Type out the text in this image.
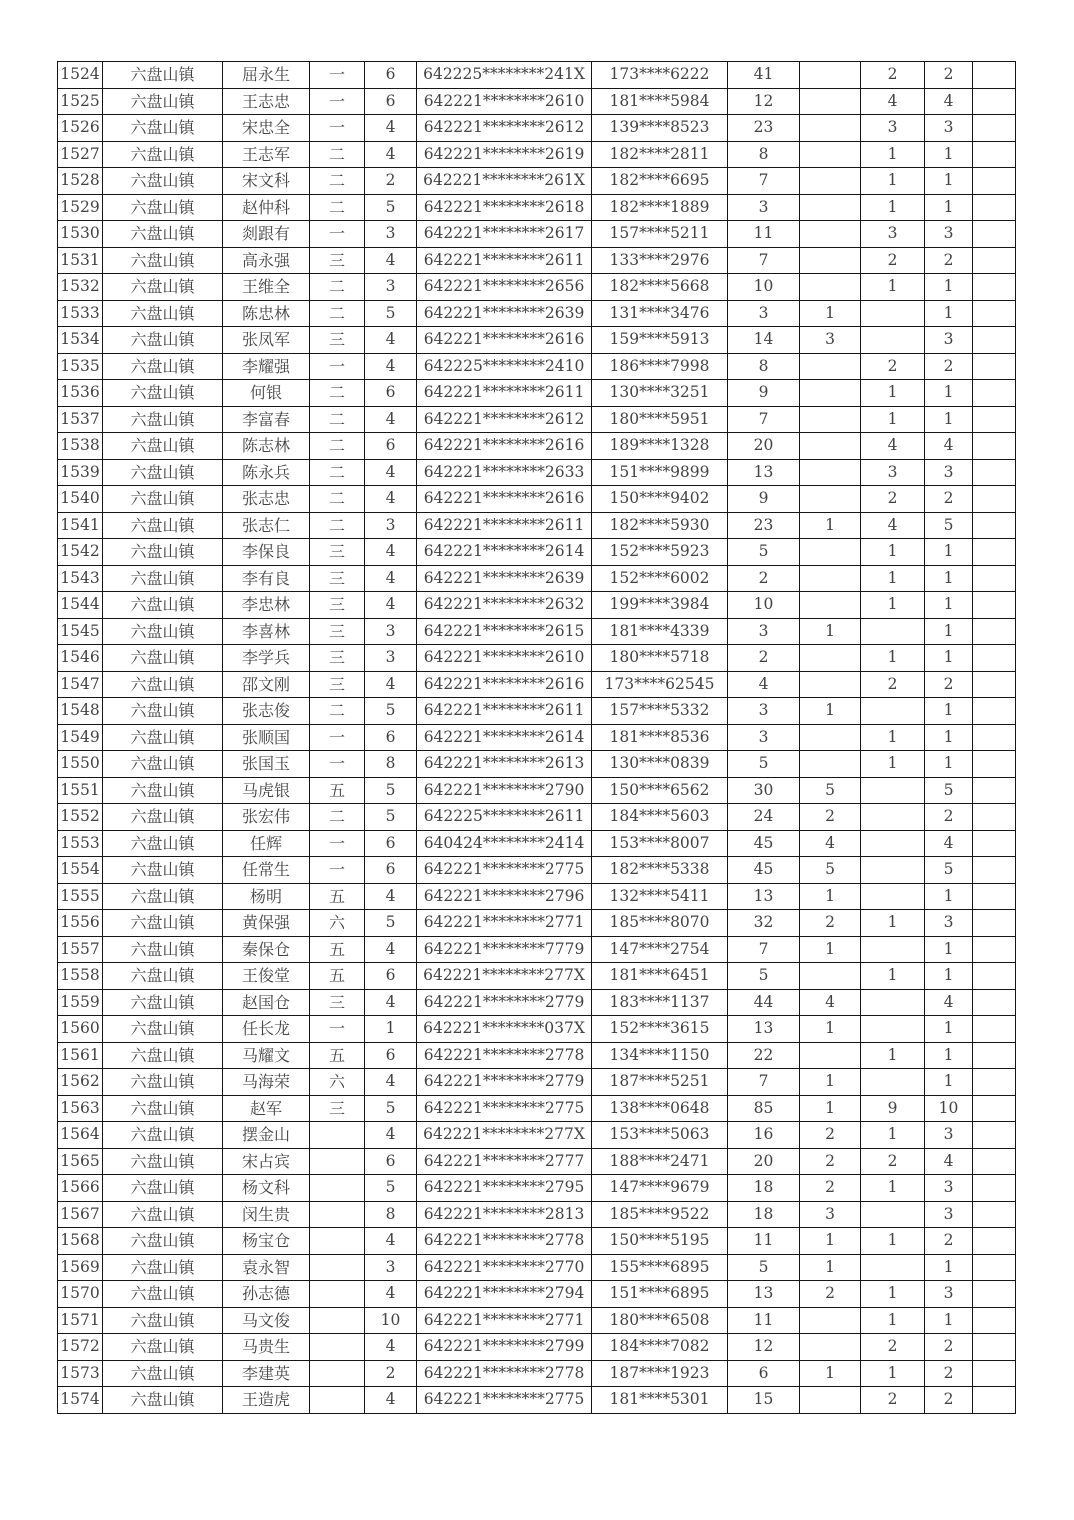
1524	六盘山镇	屈永生	一	6	642225********241X	173****6222	41		2	2	
1525	六盘山镇	王志忠	一	6	642221********2610	181****5984	12		4	4	
1526	六盘山镇	宋忠全	一	4	642221********2612	139****8523	23		3	3	
1527	六盘山镇	王志军	二	4	642221********2619	182****2811	8		1	1	
1528	六盘山镇	宋文科	二	2	642221********261X	182****6695	7		1	1	
1529	六盘山镇	赵仲科	二	5	642221********2618	182****1889	3		1	1	
1530	六盘山镇	剡跟有	一	3	642221********2617	157****5211	11		3	3	
1531	六盘山镇	高永强	三	4	642221********2611	133****2976	7		2	2	
1532	六盘山镇	王维全	二	3	642221********2656	182****5668	10		1	1	
1533	六盘山镇	陈忠林	二	5	642221********2639	131****3476	3	1		1	
1534	六盘山镇	张凤军	三	4	642221********2616	159****5913	14	3		3	
1535	六盘山镇	李耀强	一	4	642225********2410	186****7998	8		2	2	
1536	六盘山镇	何银	二	6	642221********2611	130****3251	9		1	1	
1537	六盘山镇	李富春	二	4	642221********2612	180****5951	7		1	1	
1538	六盘山镇	陈志林	二	6	642221********2616	189****1328	20		4	4	
1539	六盘山镇	陈永兵	二	4	642221********2633	151****9899	13		3	3	
1540	六盘山镇	张志忠	二	4	642221********2616	150****9402	9		2	2	
1541	六盘山镇	张志仁	二	3	642221********2611	182****5930	23	1	4	5	
1542	六盘山镇	李保良	三	4	642221********2614	152****5923	5		1	1	
1543	六盘山镇	李有良	三	4	642221********2639	152****6002	2		1	1	
1544	六盘山镇	李忠林	三	4	642221********2632	199****3984	10		1	1	
1545	六盘山镇	李喜林	三	3	642221********2615	181****4339	3	1		1	
1546	六盘山镇	李学兵	三	3	642221********2610	180****5718	2		1	1	
1547	六盘山镇	邵文刚	三	4	642221********2616	173****62545	4		2	2	
1548	六盘山镇	张志俊	二	5	642221********2611	157****5332	3	1		1	
1549	六盘山镇	张顺国	一	6	642221********2614	181****8536	3		1	1	
1550	六盘山镇	张国玉	一	8	642221********2613	130****0839	5		1	1	
1551	六盘山镇	马虎银	五	5	642221********2790	150****6562	30	5		5	
1552	六盘山镇	张宏伟	二	5	642225********2611	184****5603	24	2		2	
1553	六盘山镇	任辉	一	6	640424********2414	153****8007	45	4		4	
1554	六盘山镇	任常生	一	6	642221********2775	182****5338	45	5		5	
1555	六盘山镇	杨明	五	4	642221********2796	132****5411	13	1		1	
1556	六盘山镇	黄保强	六	5	642221********2771	185****8070	32	2	1	3	
1557	六盘山镇	秦保仓	五	4	642221********7779	147****2754	7	1		1	
1558	六盘山镇	王俊堂	五	6	642221********277X	181****6451	5		1	1	
1559	六盘山镇	赵国仓	三	4	642221********2779	183****1137	44	4		4	
1560	六盘山镇	任长龙	一	1	642221********037X	152****3615	13	1		1	
1561	六盘山镇	马耀文	五	6	642221********2778	134****1150	22		1	1	
1562	六盘山镇	马海荣	六	4	642221********2779	187****5251	7	1		1	
1563	六盘山镇	赵军	三	5	642221********2775	138****0648	85	1	9	10	
1564	六盘山镇	摆金山		4	642221********277X	153****5063	16	2	1	3	
1565	六盘山镇	宋占宾		6	642221********2777	188****2471	20	2	2	4	
1566	六盘山镇	杨文科		5	642221********2795	147****9679	18	2	1	3	
1567	六盘山镇	闵生贵		8	642221********2813	185****9522	18	3		3	
1568	六盘山镇	杨宝仓		4	642221********2778	150****5195	11	1	1	2	
1569	六盘山镇	袁永智		3	642221********2770	155****6895	5	1		1	
1570	六盘山镇	孙志德		4	642221********2794	151****6895	13	2	1	3	
1571	六盘山镇	马文俊		10	642221********2771	180****6508	11		1	1	
1572	六盘山镇	马贵生		4	642221********2799	184****7082	12		2	2	
1573	六盘山镇	李建英		2	642221********2778	187****1923	6	1	1	2	
1574	六盘山镇	王造虎		4	642221********2775	181****5301	15		2	2	
